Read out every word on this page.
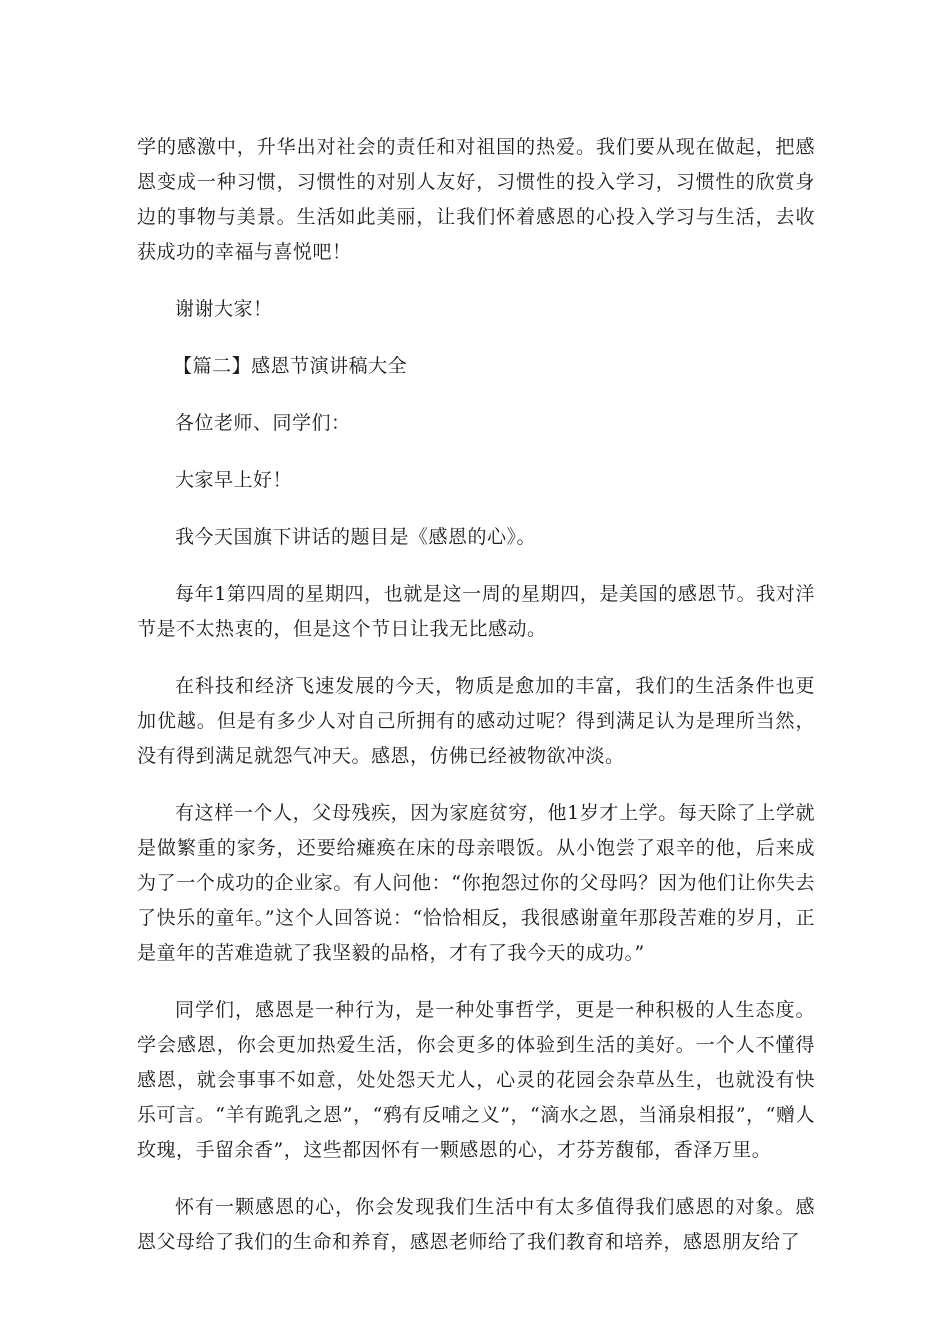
学的感激中，升华出对社会的责任和对祖国的热爱。我们要从现在做起，把感恩变成一种习惯，习惯性的对别人友好，习惯性的投入学习，习惯性的欣赏身边的事物与美景。生活如此美丽，让我们怀着感恩的心投入学习与生活，去收获成功的幸福与喜悦吧！

谢谢大家！

【篇二】感恩节演讲稿大全

各位老师、同学们：

大家早上好！

我今天国旗下讲话的题目是《感恩的心》。

每年1第四周的星期四，也就是这一周的星期四，是美国的感恩节。我对洋节是不太热衷的，但是这个节日让我无比感动。

在科技和经济飞速发展的今天，物质是愈加的丰富，我们的生活条件也更加优越。但是有多少人对自己所拥有的感动过呢？得到满足认为是理所当然，没有得到满足就怨气冲天。感恩，仿佛已经被物欲冲淡。

有这样一个人，父母残疾，因为家庭贫穷，他1岁才上学。每天除了上学就是做繁重的家务，还要给瘫痪在床的母亲喂饭。从小饱尝了艰辛的他，后来成为了一个成功的企业家。有人问他：“你抱怨过你的父母吗？因为他们让你失去了快乐的童年。”这个人回答说：“恰恰相反，我很感谢童年那段苦难的岁月，正是童年的苦难造就了我坚毅的品格，才有了我今天的成功。”

同学们，感恩是一种行为，是一种处事哲学，更是一种积极的人生态度。学会感恩，你会更加热爱生活，你会更多的体验到生活的美好。一个人不懂得感恩，就会事事不如意，处处怨天尤人，心灵的花园会杂草丛生，也就没有快乐可言。“羊有跪乳之恩”，“鸦有反哺之义”，“滴水之恩，当涌泉相报”，“赠人玫瑰，手留余香”，这些都因怀有一颗感恩的心，才芬芳馥郁，香泽万里。

怀有一颗感恩的心，你会发现我们生活中有太多值得我们感恩的对象。感恩父母给了我们的生命和养育，感恩老师给了我们教育和培养，感恩朋友给了
